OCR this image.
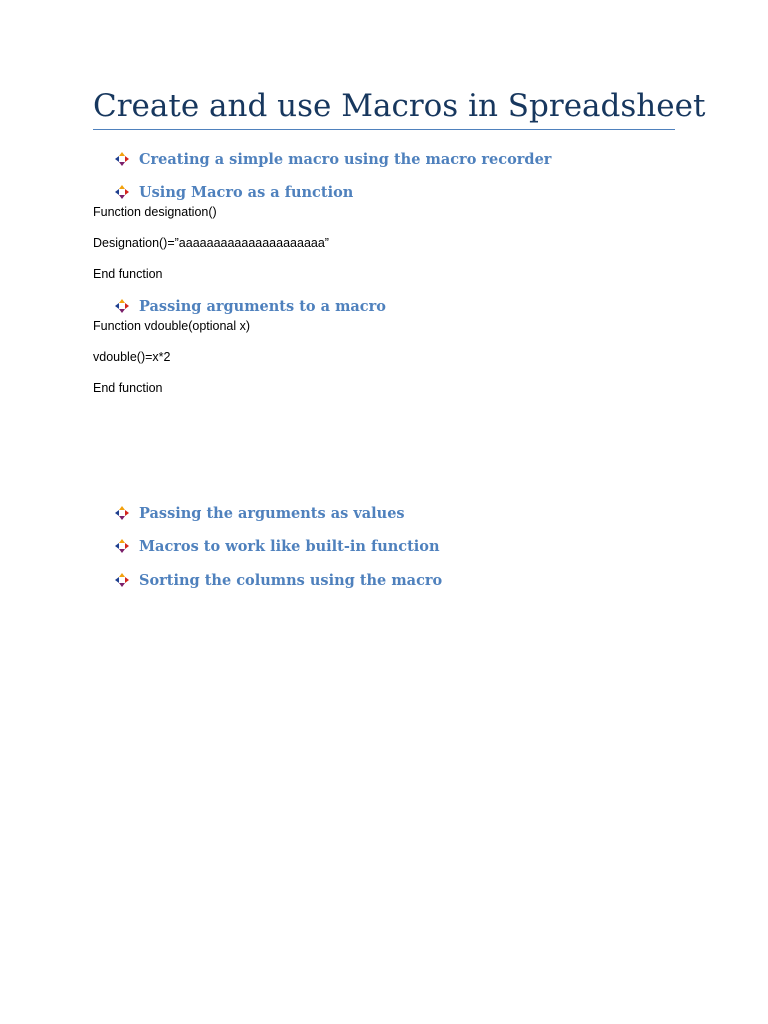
Create and use Macros in Spreadsheet
Creating a simple macro using the macro recorder
Using Macro as a function
Function designation()
Designation()=”aaaaaaaaaaaaaaaaaaaaa”
End function
Passing arguments to a macro
Function vdouble(optional x)
vdouble()=x*2
End function
Passing the arguments as values
Macros to work like built-in function
Sorting the columns using the macro
